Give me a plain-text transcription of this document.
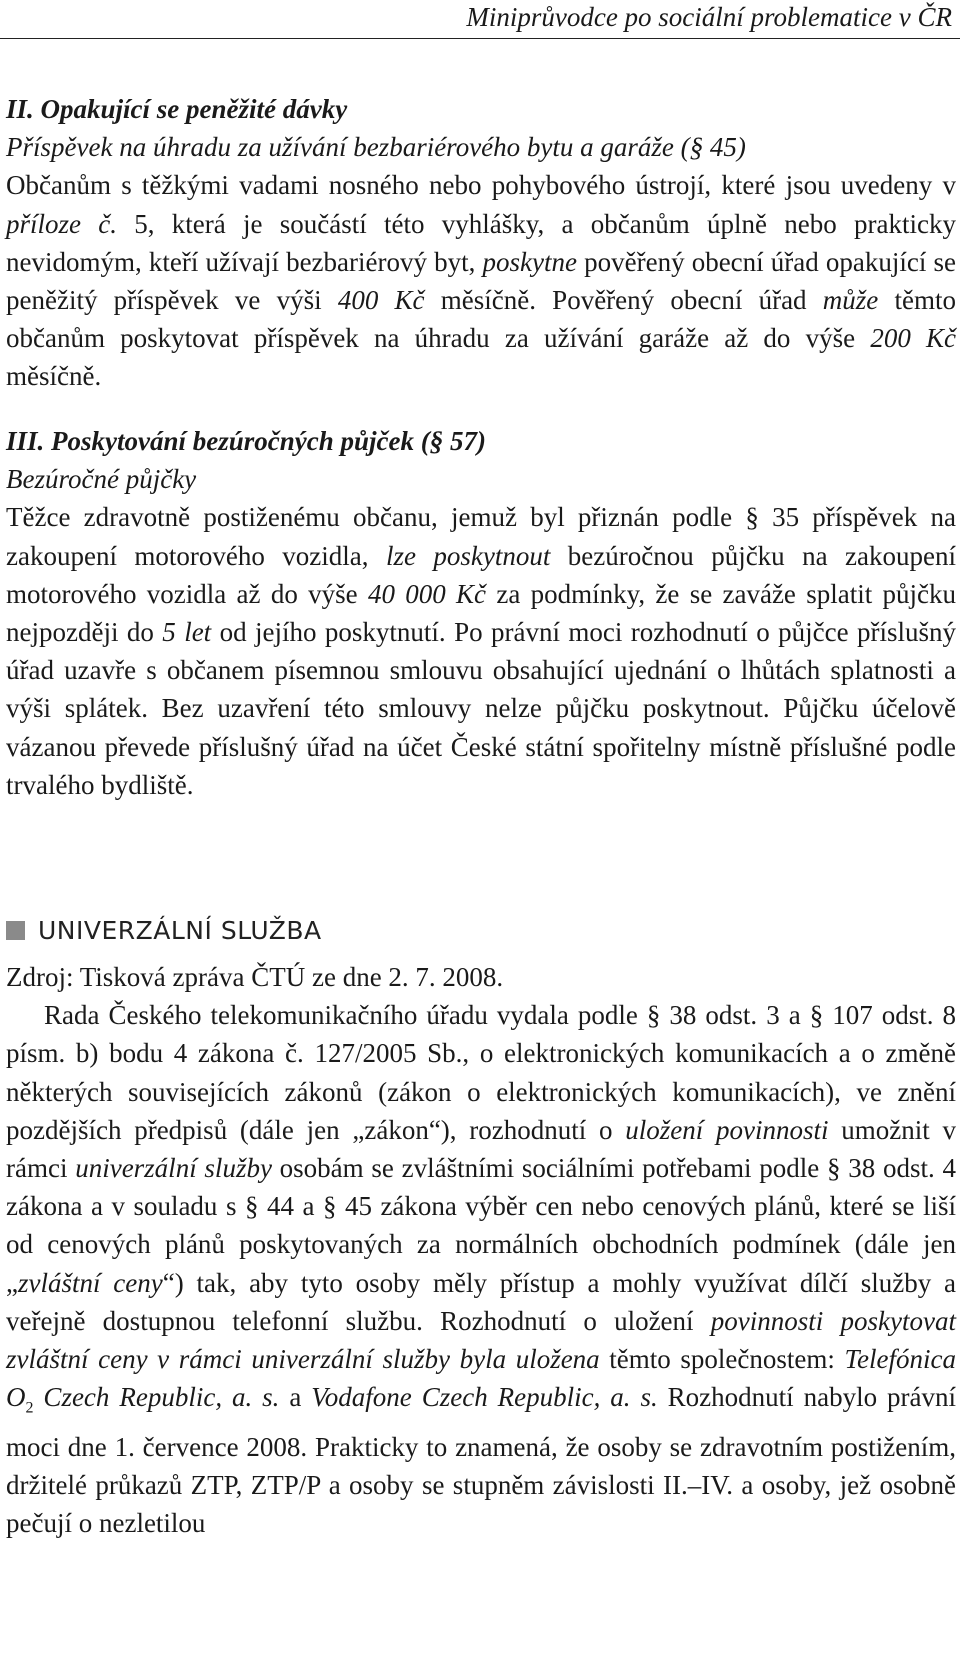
Miniprůvodce po sociální problematice v ČR

II. Opakující se peněžité dávky

Příspěvek na úhradu za užívání bezbariérového bytu a garáže (§ 45)

Občanům s těžkými vadami nosného nebo pohybového ústrojí, které jsou uvedeny v příloze č. 5, která je součástí této vyhlášky, a občanům úplně nebo prakticky nevidomým, kteří užívají bezbariérový byt, poskytne pověřený obecní úřad opakující se peněžitý příspěvek ve výši 400 Kč měsíčně. Pověřený obecní úřad může těmto občanům poskytovat příspěvek na úhradu za užívání garáže až do výše 200 Kč měsíčně.

III. Poskytování bezúročných půjček (§ 57)

Bezúročné půjčky

Těžce zdravotně postiženému občanu, jemuž byl přiznán podle § 35 příspěvek na zakoupení motorového vozidla, lze poskytnout bezúročnou půjčku na zakoupení motorového vozidla až do výše 40 000 Kč za podmínky, že se zaváže splatit půjčku nejpozději do 5 let od jejího poskytnutí. Po právní moci rozhodnutí o půjčce příslušný úřad uzavře s občanem písemnou smlouvu obsahující ujednání o lhůtách splatnosti a výši splátek. Bez uzavření této smlouvy nelze půjčku poskytnout. Půjčku účelově vázanou převede příslušný úřad na účet České státní spořitelny místně příslušné podle trvalého bydliště.

UNIVERZÁLNÍ SLUŽBA

Zdroj: Tisková zpráva ČTÚ ze dne 2. 7. 2008.

Rada Českého telekomunikačního úřadu vydala podle § 38 odst. 3 a § 107 odst. 8 písm. b) bodu 4 zákona č. 127/2005 Sb., o elektronických komunikacích a o změně některých souvisejících zákonů (zákon o elektronických komunikacích), ve znění pozdějších předpisů (dále jen „zákon“), rozhodnutí o uložení povinnosti umožnit v rámci univerzální služby osobám se zvláštními sociálními potřebami podle § 38 odst. 4 zákona a v souladu s § 44 a § 45 zákona výběr cen nebo cenových plánů, které se liší od cenových plánů poskytovaných za normálních obchodních podmínek (dále jen „zvláštní ceny“) tak, aby tyto osoby měly přístup a mohly využívat dílčí služby a veřejně dostupnou telefonní službu. Rozhodnutí o uložení povinnosti poskytovat zvláštní ceny v rámci univerzální služby byla uložena těmto společnostem: Telefónica $O_2$ Czech Republic, a. s. a Vodafone Czech Republic, a. s. Rozhodnutí nabylo právní moci dne 1. července 2008. Prakticky to znamená, že osoby se zdravotním postižením, držitelé průkazů ZTP, ZTP/P a osoby se stupněm závislosti II.–IV. a osoby, jež osobně pečují o nezletilou
